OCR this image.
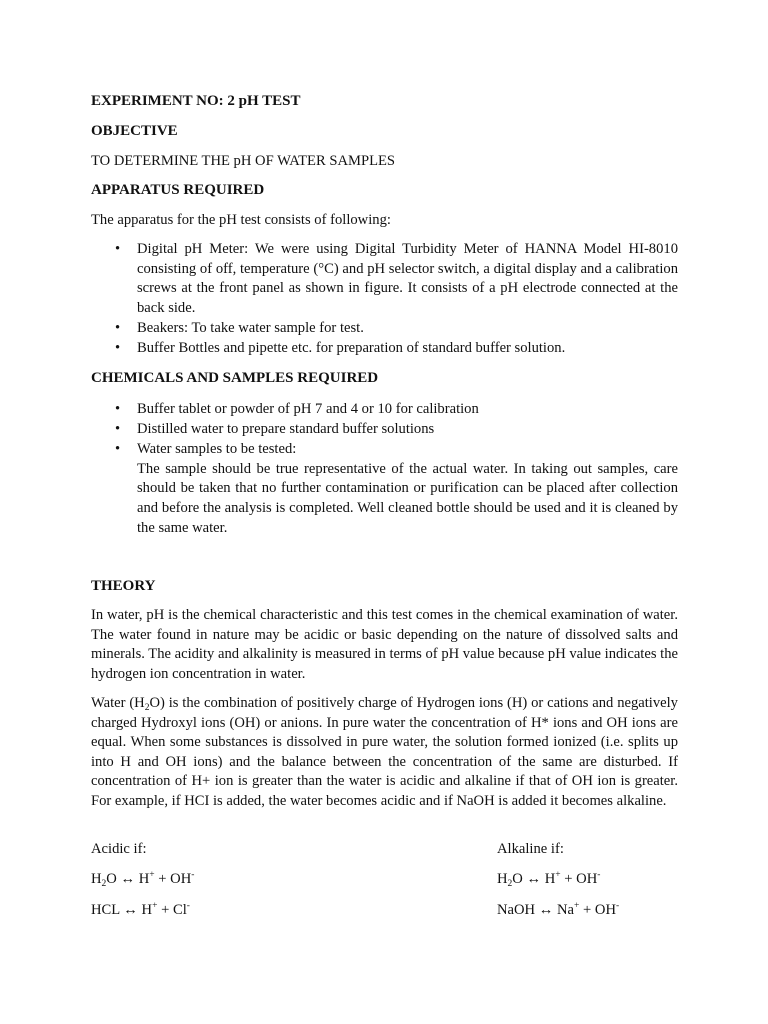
EXPERIMENT NO: 2 pH TEST
OBJECTIVE
TO DETERMINE THE pH OF WATER SAMPLES
APPARATUS REQUIRED
The apparatus for the pH test consists of following:
• Digital pH Meter: We were using Digital Turbidity Meter of HANNA Model HI-8010 consisting of off, temperature (°C) and pH selector switch, a digital display and a calibration screws at the front panel as shown in figure. It consists of a pH electrode connected at the back side.
• Beakers: To take water sample for test.
• Buffer Bottles and pipette etc. for preparation of standard buffer solution.
CHEMICALS AND SAMPLES REQUIRED
• Buffer tablet or powder of pH 7 and 4 or 10 for calibration
• Distilled water to prepare standard buffer solutions
• Water samples to be tested:
The sample should be true representative of the actual water. In taking out samples, care should be taken that no further contamination or purification can be placed after collection and before the analysis is completed. Well cleaned bottle should be used and it is cleaned by the same water.
THEORY
In water, pH is the chemical characteristic and this test comes in the chemical examination of water. The water found in nature may be acidic or basic depending on the nature of dissolved salts and minerals. The acidity and alkalinity is measured in terms of pH value because pH value indicates the hydrogen ion concentration in water.
Water $(H_2O)$ is the combination of positively charge of Hydrogen ions (H) or cations and negatively charged Hydroxyl ions (OH) or anions. In pure water the concentration of H* ions and OH ions are equal. When some substances is dissolved in pure water, the solution formed ionized (i.e. splits up into H and OH ions) and the balance between the concentration of the same are disturbed. If concentration of H+ ion is greater than the water is acidic and alkaline if that of OH ion is greater. For example, if HCI is added, the water becomes acidic and if NaOH is added it becomes alkaline.
Acidic if:	Alkaline if:
$H_2O$ ↔ H+ + OH-	$H_2O$ ↔ H+ + OH-
HCL ↔ H+ + Cl-	NaOH ↔ Na+ + OH-
